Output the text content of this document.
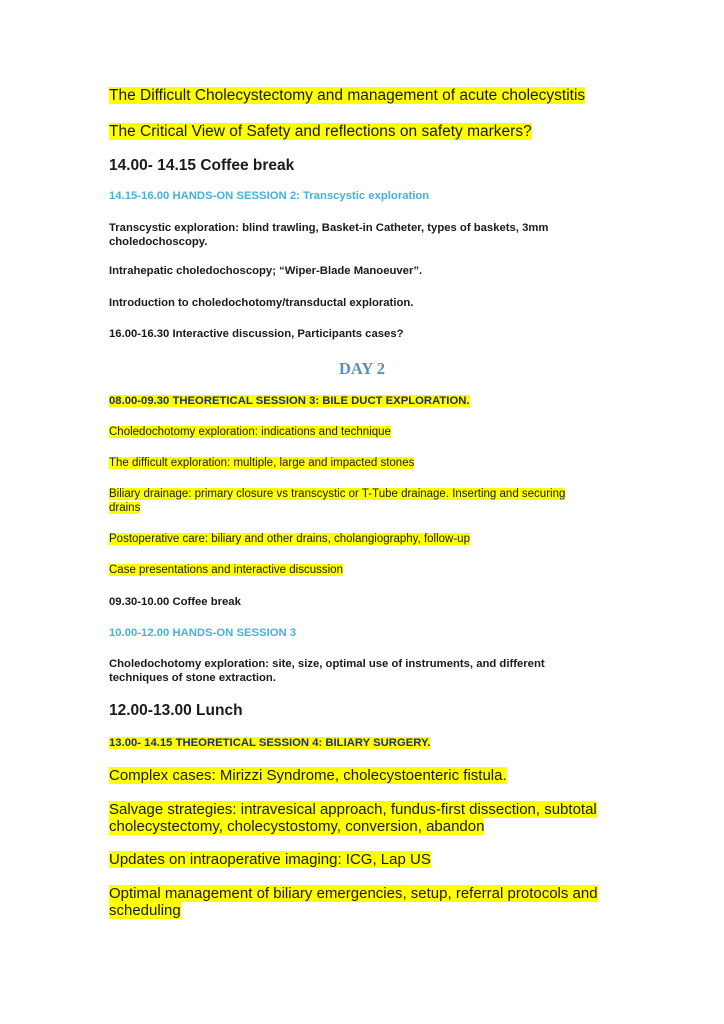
The Difficult Cholecystectomy and management of acute cholecystitis
The Critical View of Safety and reflections on safety markers?
14.00- 14.15 Coffee break
14.15-16.00 HANDS-ON SESSION 2: Transcystic exploration
Transcystic exploration: blind trawling, Basket-in Catheter, types of baskets, 3mm
choledochoscopy.
Intrahepatic choledochoscopy; “Wiper-Blade Manoeuver”.
Introduction to choledochotomy/transductal exploration.
16.00-16.30 Interactive discussion, Participants cases?
DAY 2
08.00-09.30 THEORETICAL SESSION 3: BILE DUCT EXPLORATION.
Choledochotomy exploration: indications and technique
The difficult exploration: multiple, large and impacted stones
Biliary drainage: primary closure vs transcystic or T-Tube drainage. Inserting and securing
drains
Postoperative care: biliary and other drains, cholangiography, follow-up
Case presentations and interactive discussion
09.30-10.00 Coffee break
10.00-12.00 HANDS-ON SESSION 3
Choledochotomy exploration: site, size, optimal use of instruments, and different
techniques of stone extraction.
12.00-13.00 Lunch
13.00- 14.15 THEORETICAL SESSION 4: BILIARY SURGERY.
Complex cases: Mirizzi Syndrome, cholecystoenteric fistula.
Salvage strategies: intravesical approach, fundus-first dissection, subtotal
cholecystectomy, cholecystostomy, conversion, abandon
Updates on intraoperative imaging: ICG, Lap US
Optimal management of biliary emergencies, setup, referral protocols and
scheduling
